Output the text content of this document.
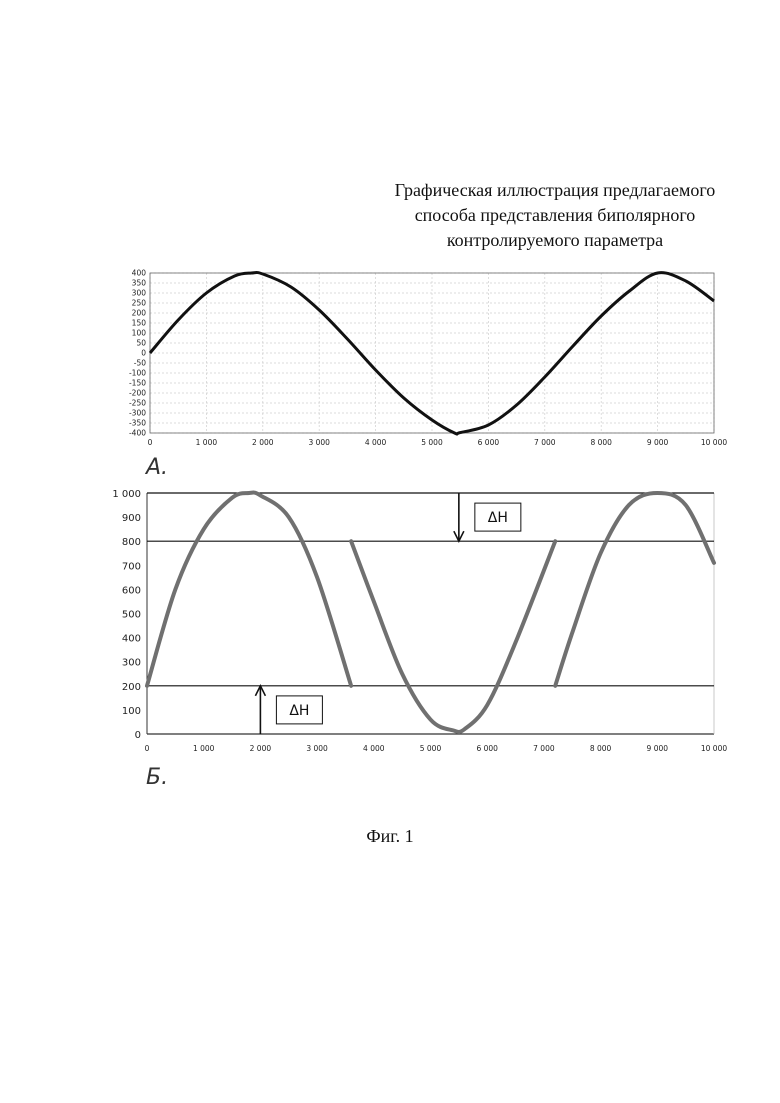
Графическая иллюстрация предлагаемого
способа представления биполярного
контролируемого параметра
400
350
300
250
200
150
100
50
0
-50
-100
-150
-200
-250
-300
-350
-400
0	1 000	2 000	3 000	4 000	5 000	6 000	7 000	8 000	9 000	10 000
А.
0
100
200
300
400
500
600
700
800
900
1 000
0	1 000	2 000	3 000	4 000	5 000	6 000	7 000	8 000	9 000	10 000
ΔH
ΔH
Б.
Фиг. 1
